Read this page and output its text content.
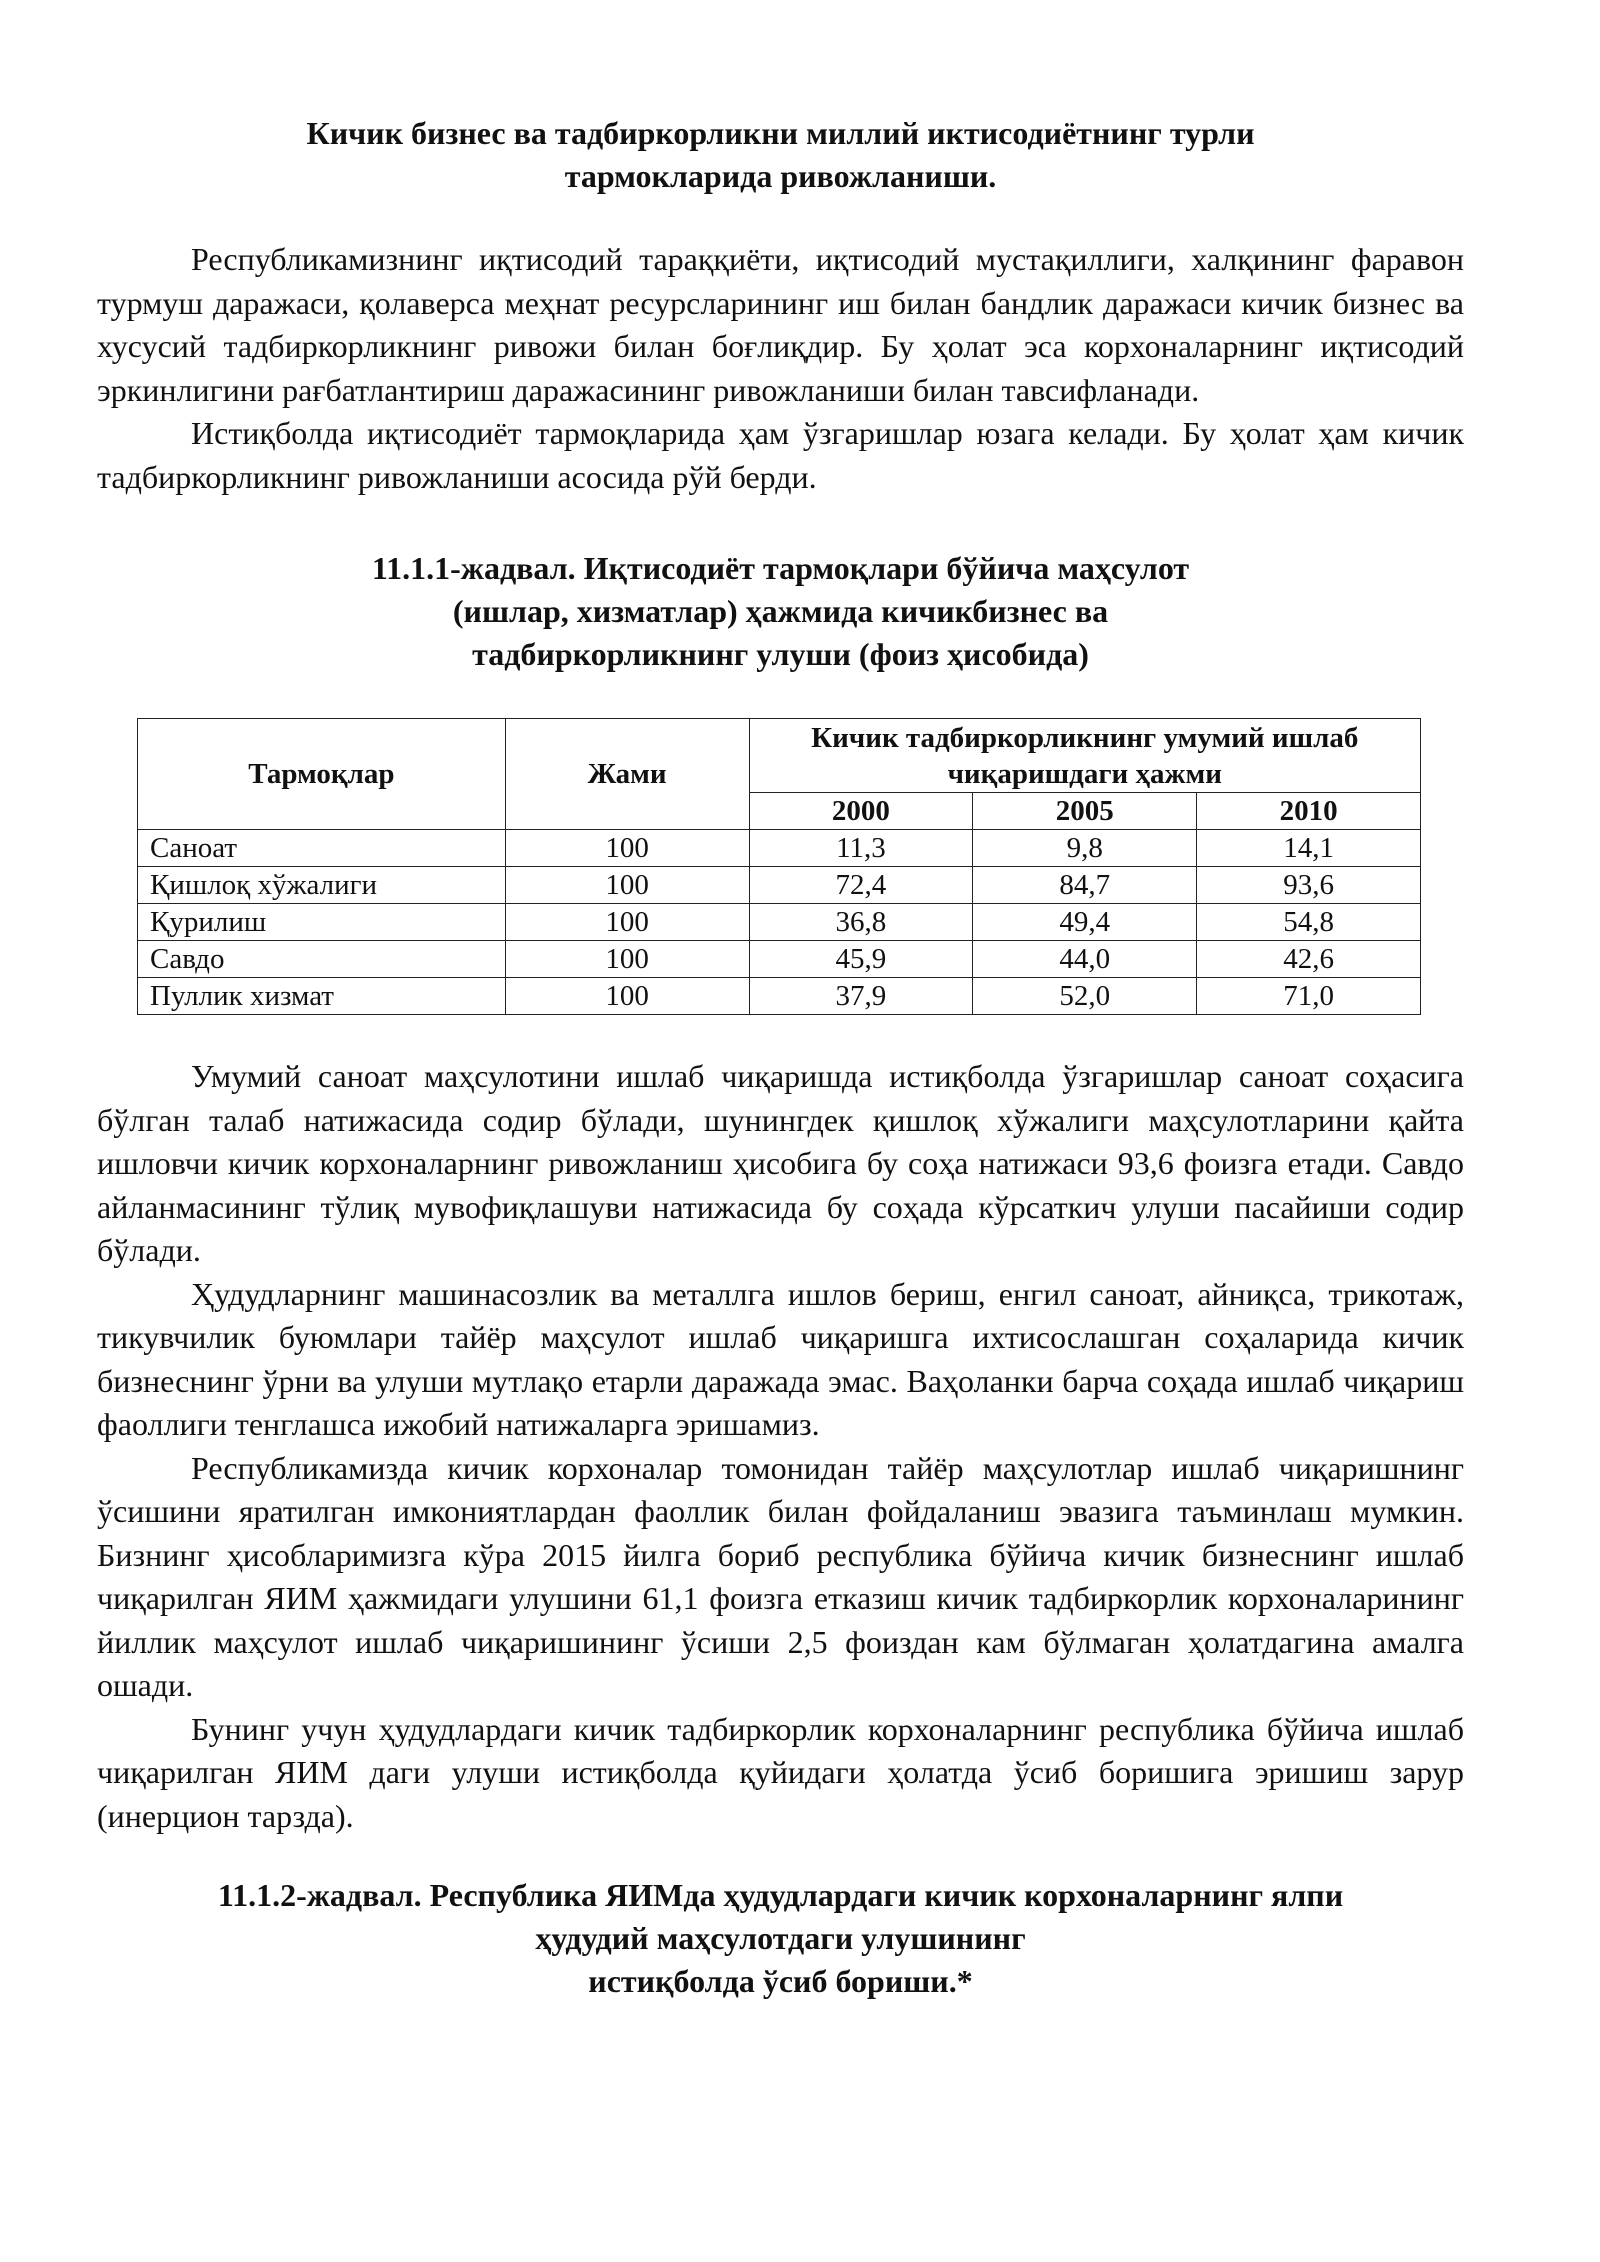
Кичик бизнес ва тадбиркорликни миллий иктисодиётнинг турли
тармокларида ривожланиши.

Республикамизнинг иқтисодий тараққиёти, иқтисодий мустақиллиги, халқининг фаравон турмуш даражаси, қолаверса меҳнат ресурсларининг иш билан бандлик даражаси кичик бизнес ва хусусий тадбиркорликнинг ривожи билан боғлиқдир. Бу ҳолат эса корхоналарнинг иқтисодий эркинлигини рағбатлантириш даражасининг ривожланиши билан тавсифланади.

Истиқболда иқтисодиёт тармоқларида ҳам ўзгаришлар юзага келади. Бу ҳолат ҳам кичик тадбиркорликнинг ривожланиши асосида рўй берди.

11.1.1-жадвал. Иқтисодиёт тармоқлари бўйича маҳсулот
(ишлар, хизматлар) ҳажмида кичикбизнес ва
тадбиркорликнинг улуши (фоиз ҳисобида)
Тармоқлар	Жами	Кичик тадбиркорликнинг умумий ишлаб чиқаришдаги ҳажми		
		2000	2005	2010
Саноат	100	11,3	9,8	14,1
Қишлоқ хўжалиги	100	72,4	84,7	93,6
Қурилиш	100	36,8	49,4	54,8
Савдо	100	45,9	44,0	42,6
Пуллик хизмат	100	37,9	52,0	71,0

Умумий саноат маҳсулотини ишлаб чиқаришда истиқболда ўзгаришлар саноат соҳасига бўлган талаб натижасида содир бўлади, шунингдек қишлоқ хўжалиги маҳсулотларини қайта ишловчи кичик корхоналарнинг ривожланиш ҳисобига бу соҳа натижаси 93,6 фоизга етади. Савдо айланмасининг тўлиқ мувофиқлашуви натижасида бу соҳада кўрсаткич улуши пасайиши содир бўлади.

Ҳудудларнинг машинасозлик ва металлга ишлов бериш, енгил саноат, айниқса, трикотаж, тикувчилик буюмлари тайёр маҳсулот ишлаб чиқаришга ихтисослашган соҳаларида кичик бизнеснинг ўрни ва улуши мутлақо етарли даражада эмас. Ваҳоланки барча соҳада ишлаб чиқариш фаоллиги тенглашса ижобий натижаларга эришамиз.

Республикамизда кичик корхоналар томонидан тайёр маҳсулотлар ишлаб чиқаришнинг ўсишини яратилган имкониятлардан фаоллик билан фойдаланиш эвазига таъминлаш мумкин. Бизнинг ҳисобларимизга кўра 2015 йилга бориб республика бўйича кичик бизнеснинг ишлаб чиқарилган ЯИМ ҳажмидаги улушини 61,1 фоизга етказиш кичик тадбиркорлик корхоналарининг йиллик маҳсулот ишлаб чиқаришининг ўсиши 2,5 фоиздан кам бўлмаган ҳолатдагина амалга ошади.

Бунинг учун ҳудудлардаги кичик тадбиркорлик корхоналарнинг республика бўйича ишлаб чиқарилган ЯИМ даги улуши истиқболда қуйидаги ҳолатда ўсиб боришига эришиш зарур (инерцион тарзда).

11.1.2-жадвал. Республика ЯИМда ҳудудлардаги кичик корхоналарнинг ялпи
ҳудудий маҳсулотдаги улушининг
истиқболда ўсиб бориши.*
